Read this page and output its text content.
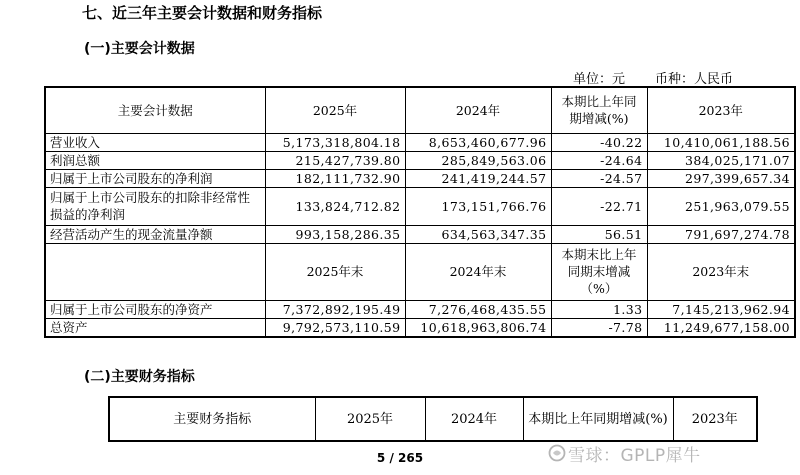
七、近三年主要会计数据和财务指标
(一)主要会计数据
单位：元 币种：人民币
主要会计数据	2025年	2024年	本期比上年同期增减(%)	2023年
营业收入	5,173,318,804.18	8,653,460,677.96	-40.22	10,410,061,188.56
利润总额	215,427,739.80	285,849,563.06	-24.64	384,025,171.07
归属于上市公司股东的净利润	182,111,732.90	241,419,244.57	-24.57	297,399,657.34
归属于上市公司股东的扣除非经常性损益的净利润	133,824,712.82	173,151,766.76	-22.71	251,963,079.55
经营活动产生的现金流量净额	993,158,286.35	634,563,347.35	56.51	791,697,274.78
	2025年末	2024年末	本期末比上年同期末增减（%）	2023年末
归属于上市公司股东的净资产	7,372,892,195.49	7,276,468,435.55	1.33	7,145,213,962.94
总资产	9,792,573,110.59	10,618,963,806.74	-7.78	11,249,677,158.00
(二)主要财务指标
主要财务指标	2025年	2024年	本期比上年同期增减(%)	2023年
雪球：GPLP犀牛
5 / 265
